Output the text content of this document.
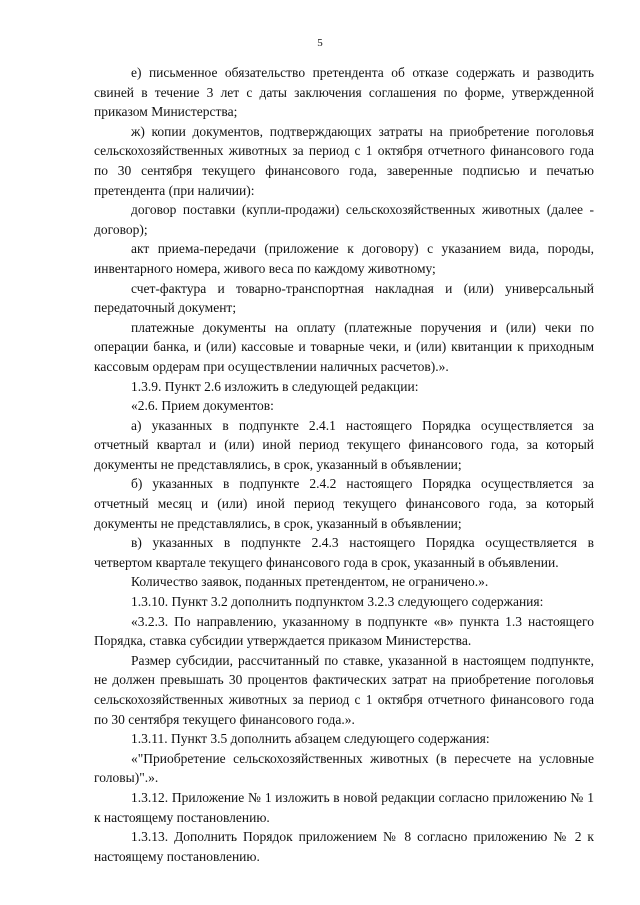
5

е) письменное обязательство претендента об отказе содержать и разводить свиней в течение 3 лет с даты заключения соглашения по форме, утвержденной приказом Министерства;

ж) копии документов, подтверждающих затраты на приобретение поголовья сельскохозяйственных животных за период с 1 октября отчетного финансового года по 30 сентября текущего финансового года, заверенные подписью и печатью претендента (при наличии):

договор поставки (купли-продажи) сельскохозяйственных животных (далее - договор);

акт приема-передачи (приложение к договору) с указанием вида, породы, инвентарного номера, живого веса по каждому животному;

счет-фактура и товарно-транспортная накладная и (или) универсальный передаточный документ;

платежные документы на оплату (платежные поручения и (или) чеки по операции банка, и (или) кассовые и товарные чеки, и (или) квитанции к приходным кассовым ордерам при осуществлении наличных расчетов).».

1.3.9. Пункт 2.6 изложить в следующей редакции:

«2.6. Прием документов:

а) указанных в подпункте 2.4.1 настоящего Порядка осуществляется за отчетный квартал и (или) иной период текущего финансового года, за который документы не представлялись, в срок, указанный в объявлении;

б) указанных в подпункте 2.4.2 настоящего Порядка осуществляется за отчетный месяц и (или) иной период текущего финансового года, за который документы не представлялись, в срок, указанный в объявлении;

в) указанных в подпункте 2.4.3 настоящего Порядка осуществляется в четвертом квартале текущего финансового года в срок, указанный в объявлении.

Количество заявок, поданных претендентом, не ограничено.».

1.3.10. Пункт 3.2 дополнить подпунктом 3.2.3 следующего содержания:

«3.2.3. По направлению, указанному в подпункте «в» пункта 1.3 настоящего Порядка, ставка субсидии утверждается приказом Министерства.

Размер субсидии, рассчитанный по ставке, указанной в настоящем подпункте, не должен превышать 30 процентов фактических затрат на приобретение поголовья сельскохозяйственных животных за период с 1 октября отчетного финансового года по 30 сентября текущего финансового года.».

1.3.11. Пункт 3.5 дополнить абзацем следующего содержания:

«"Приобретение сельскохозяйственных животных (в пересчете на условные головы)".».

1.3.12. Приложение № 1 изложить в новой редакции согласно приложению № 1 к настоящему постановлению.

1.3.13. Дополнить Порядок приложением № 8 согласно приложению № 2 к настоящему постановлению.
